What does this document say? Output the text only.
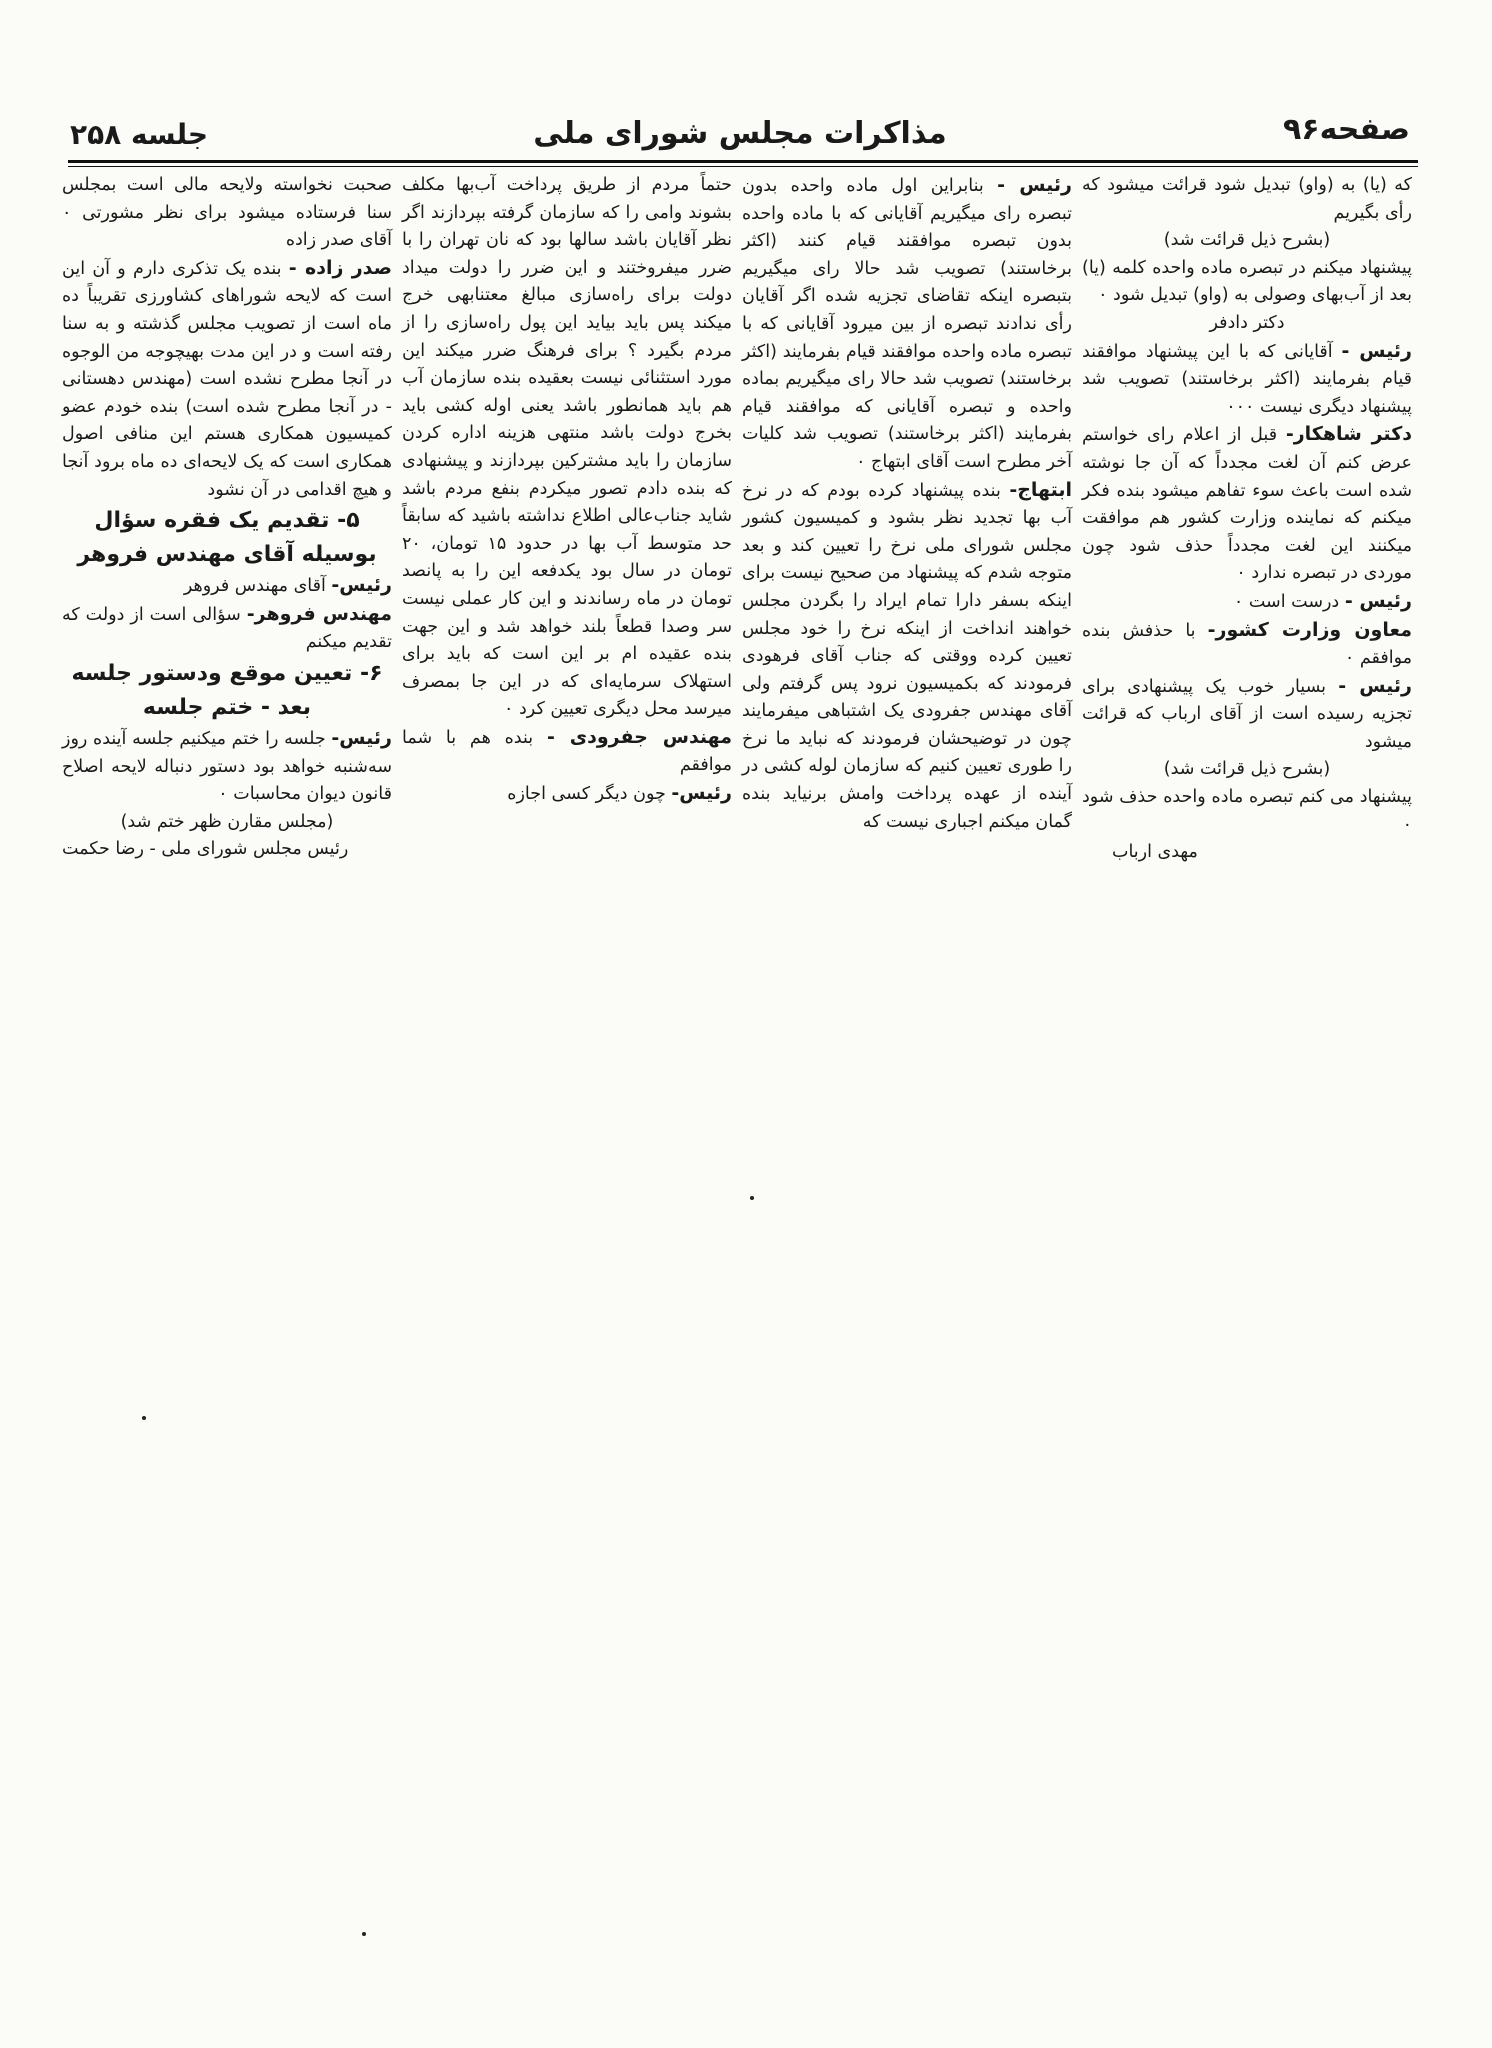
صفحه۹۶
مذاکرات مجلس شورای ملی
جلسه ۲۵۸

که (یا) به (واو) تبدیل شود قرائت میشود که رأی بگیریم

(بشرح ذیل قرائت شد)

پیشنهاد میکنم در تبصره ماده واحده کلمه (یا) بعد از آب‌بهای وصولی به (واو) تبدیل شود ۰

دکتر دادفر

رئیس - آقایانی که با این پیشنهاد موافقند قیام بفرمایند (اکثر برخاستند) تصویب شد پیشنهاد دیگری نیست ۰۰۰

دکتر شاهکار- قبل از اعلام رای خواستم عرض کنم آن لغت مجدداً که آن جا نوشته شده است باعث سوء تفاهم میشود بنده فکر میکنم که نماینده وزارت کشور هم موافقت میکنند این لغت مجدداً حذف شود چون موردی در تبصره ندارد ۰

رئیس - درست است ۰

معاون وزارت کشور- با حذفش بنده موافقم ۰

رئیس - بسیار خوب یک پیشنهادی برای تجزیه رسیده است از آقای ارباب که قرائت میشود

(بشرح ذیل قرائت شد)

پیشنهاد می کنم تبصره ماده واحده حذف شود ۰

مهدی ارباب

رئیس - بنابراین اول ماده واحده بدون تبصره رای میگیریم آقایانی که با ماده واحده بدون تبصره موافقند قیام کنند (اکثر برخاستند) تصویب شد حالا رای میگیریم بتبصره اینکه تقاضای تجزیه شده اگر آقایان رأی ندادند تبصره از بین میرود آقایانی که با تبصره ماده واحده موافقند قیام بفرمایند (اکثر برخاستند) تصویب شد حالا رای میگیریم بماده واحده و تبصره آقایانی که موافقند قیام بفرمایند (اکثر برخاستند) تصویب شد کلیات آخر مطرح است آقای ابتهاج ۰

ابتهاج- بنده پیشنهاد کرده بودم که در نرخ آب بها تجدید نظر بشود و کمیسیون کشور مجلس شورای ملی نرخ را تعیین کند و بعد متوجه شدم که پیشنهاد من صحیح نیست برای اینکه بسفر دارا تمام ایراد را بگردن مجلس خواهند انداخت از اینکه نرخ را خود مجلس تعیین کرده ووقتی که جناب آقای فرهودی فرمودند که بکمیسیون نرود پس گرفتم ولی آقای مهندس جفرودی یک اشتباهی میفرمایند چون در توضیحشان فرمودند که نباید ما نرخ را طوری تعیین کنیم که سازمان لوله کشی در آینده از عهده پرداخت وامش برنیاید بنده گمان میکنم اجباری نیست که

حتماً مردم از طریق پرداخت آب‌بها مکلف بشوند وامی را که سازمان گرفته بپردازند اگر نظر آقایان باشد سالها بود که نان تهران را با ضرر میفروختند و این ضرر را دولت میداد دولت برای راه‌سازی مبالغ معتنابهی خرج میکند پس باید بیاید این پول راه‌سازی را از مردم بگیرد ؟ برای فرهنگ ضرر میکند این مورد استثنائی نیست بعقیده بنده سازمان آب هم باید همانطور باشد یعنی اوله کشی باید بخرج دولت باشد منتهی هزینه اداره کردن سازمان را باید مشترکین بپردازند و پیشنهادی که بنده دادم تصور میکردم بنفع مردم باشد شاید جناب‌عالی اطلاع نداشته باشید که سابقاً حد متوسط آب بها در حدود ۱۵ تومان، ۲۰ تومان در سال بود یکدفعه این را به پانصد تومان در ماه رساندند و این کار عملی نیست سر وصدا قطعاً بلند خواهد شد و این جهت بنده عقیده ام بر این است که باید برای استهلاک سرمایه‌ای که در این جا بمصرف میرسد محل دیگری تعیین کرد ۰

مهندس جفرودی - بنده هم با شما موافقم

رئیس- چون دیگر کسی اجازه

صحبت نخواسته ولایحه مالی است بمجلس سنا فرستاده میشود برای نظر مشورتی ۰ آقای صدر زاده

صدر زاده - بنده یک تذکری دارم و آن این است که لایحه شوراهای کشاورزی تقریباً ده ماه است از تصویب مجلس گذشته و به سنا رفته است و در این مدت بهیچوجه من الوجوه در آنجا مطرح نشده است (مهندس دهستانی - در آنجا مطرح شده است) بنده خودم عضو کمیسیون همکاری هستم این منافی اصول همکاری است که یک لایحه‌ای ده ماه برود آنجا و هیچ اقدامی در آن نشود

۵- تقدیم یک فقره سؤال بوسیله آقای مهندس فروهر

رئیس- آقای مهندس فروهر

مهندس فروهر- سؤالی است از دولت که تقدیم میکنم

۶- تعیین موقع ودستور جلسه بعد - ختم جلسه

رئیس- جلسه را ختم میکنیم جلسه آینده روز سه‌شنبه خواهد بود دستور دنباله لایحه اصلاح قانون دیوان محاسبات ۰

(مجلس مقارن ظهر ختم شد)

رئیس مجلس شورای ملی - رضا حکمت
